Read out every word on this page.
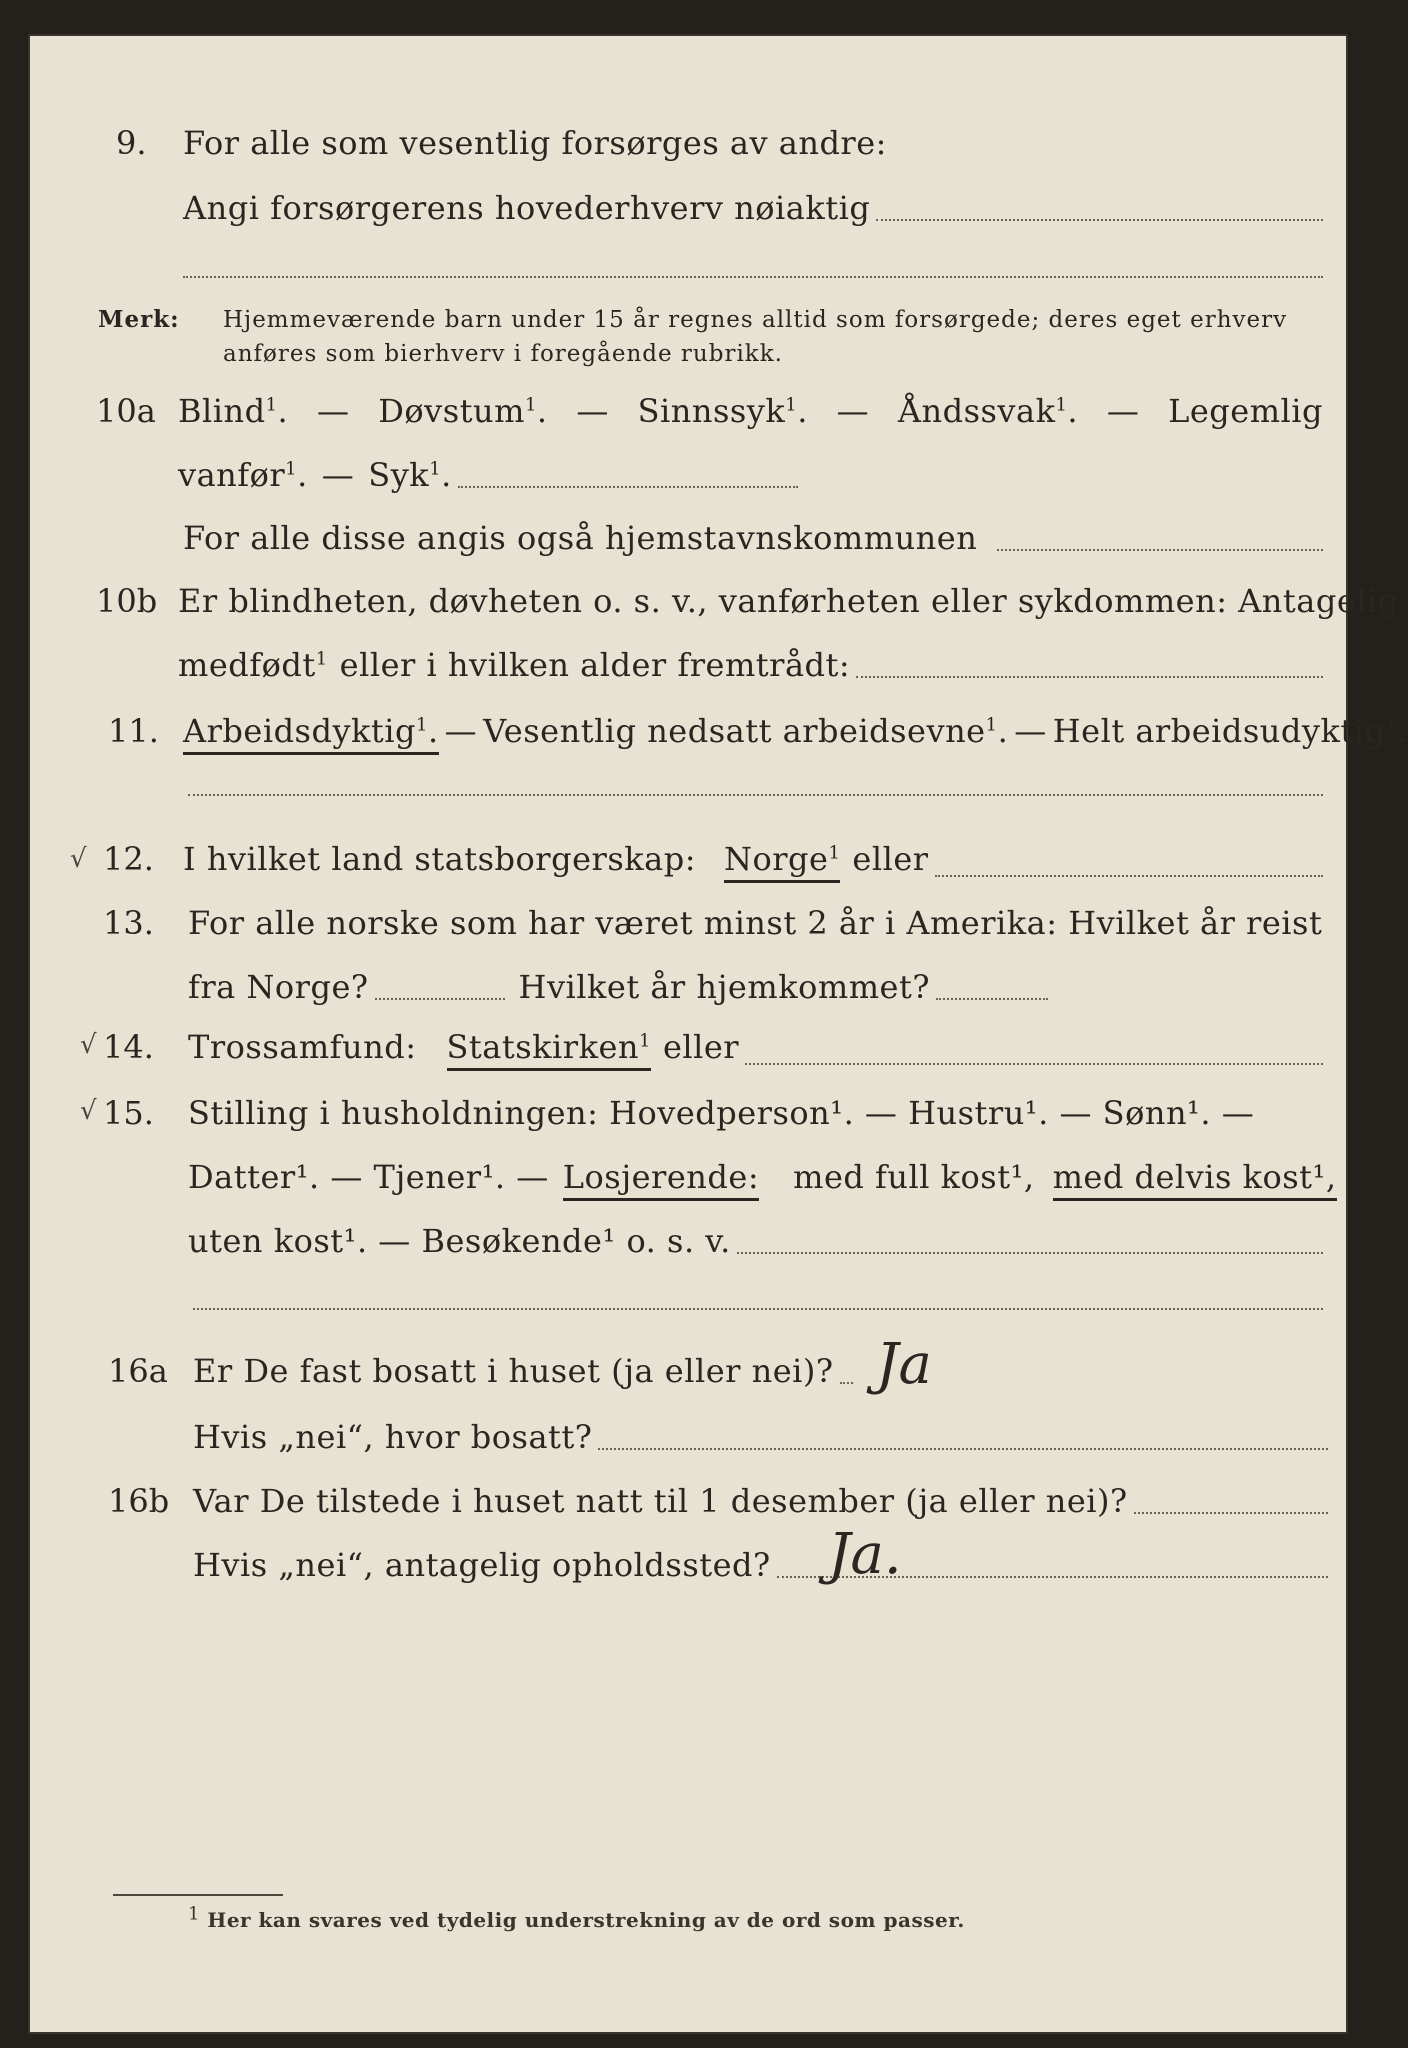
9. For alle som vesentlig forsørges av andre:
Angi forsørgerens hovederhverv nøiaktig
Merk: Hjemmeværende barn under 15 år regnes alltid som forsørgede; deres eget erhverv
anføres som bierhverv i foregående rubrikk.
10a Blind$^1$. — Døvstum$^1$. — Sinnssyk$^1$. — Åndssvak$^1$. — Legemlig
vanfør$^1$. — Syk$^1$.
For alle disse angis også hjemstavnskommunen
10b Er blindheten, døvheten o. s. v., vanførheten eller sykdommen: Antagelig
medfødt$^1$ eller i hvilken alder fremtrådt:
11. Arbeidsdyktig$^1$. — Vesentlig nedsatt arbeidsevne$^1$. — Helt arbeidsudyktig$^1$.
√ 12. I hvilket land statsborgerskap: Norge$^1$ eller
13. For alle norske som har været minst 2 år i Amerika: Hvilket år reist
fra Norge?	Hvilket år hjemkommet?
√ 14. Trossamfund: Statskirken$^1$ eller
√ 15. Stilling i husholdningen: Hovedperson¹. — Hustru¹. — Sønn¹. —
Datter¹. — Tjener¹. — Losjerende: med full kost¹, med delvis kost¹,
uten kost¹. — Besøkende¹ o. s. v.
16a Er De fast bosatt i huset (ja eller nei)? Ja
Hvis „nei“, hvor bosatt?
16b Var De tilstede i huset natt til 1 desember (ja eller nei)?
Hvis „nei“, antagelig opholdssted? Ja.
1 Her kan svares ved tydelig understrekning av de ord som passer.
